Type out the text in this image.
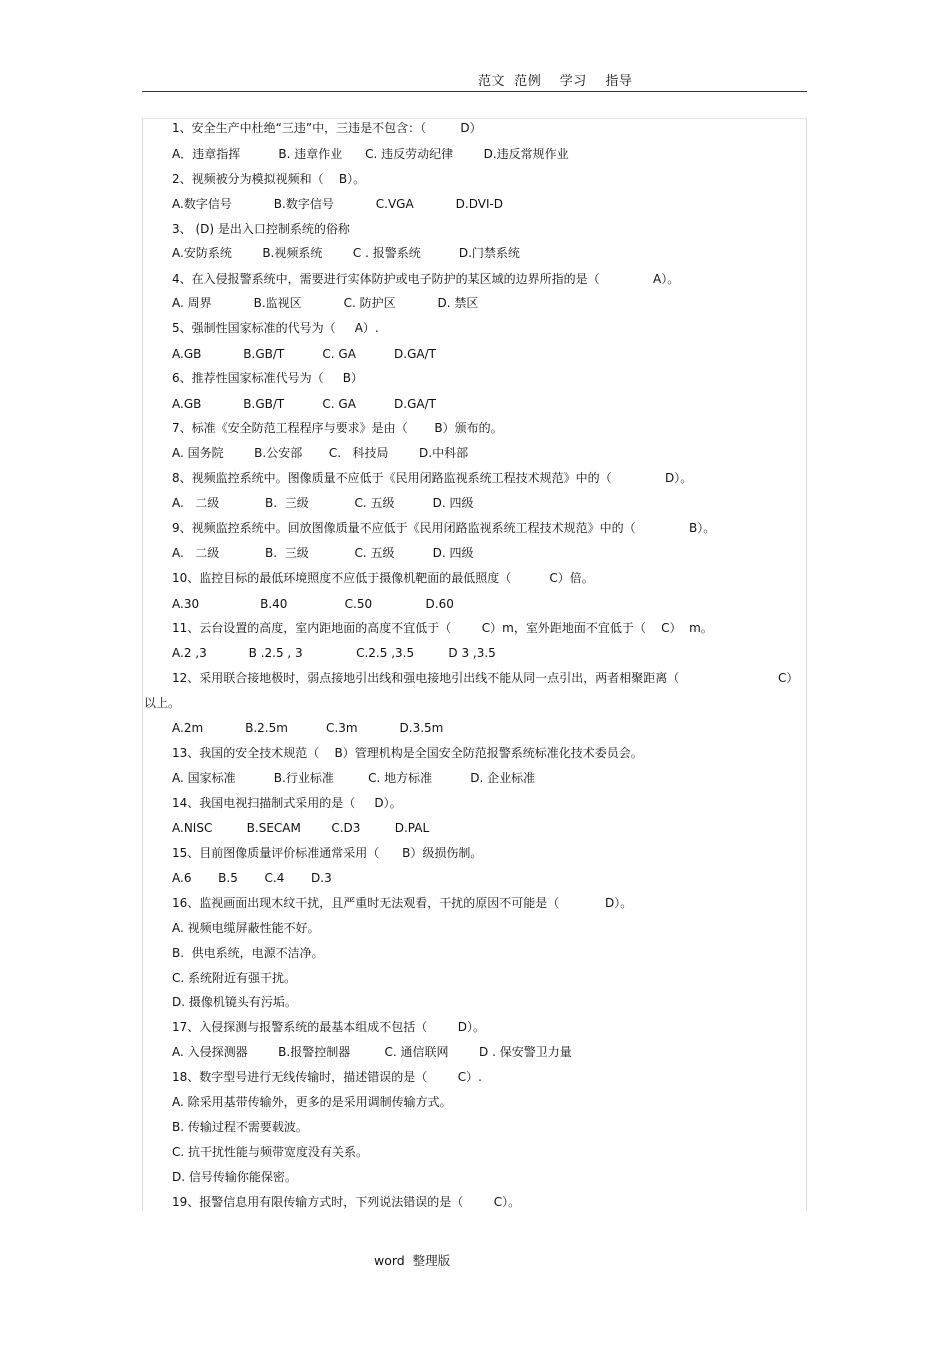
范文  范例    学习    指导
1、安全生产中杜绝“三违”中，三违是不包含：（         D）
A．违章指挥          B. 违章作业      C. 违反劳动纪律        D.违反常规作业
2、视频被分为模拟视频和（    B）。
A.数字信号           B.数字信号           C.VGA           D.DVI-D
3、 (D) 是出入口控制系统的俗称
A.安防系统        B.视频系统        C . 报警系统          D.门禁系统
4、在入侵报警系统中，需要进行实体防护或电子防护的某区域的边界所指的是（              A）。
A. 周界           B.监视区           C. 防护区           D. 禁区
5、强制性国家标准的代号为（     A）.
A.GB           B.GB/T          C. GA          D.GA/T
6、推荐性国家标准代号为（     B）
A.GB           B.GB/T          C. GA          D.GA/T
7、标准《安全防范工程程序与要求》是由（       B）颁布的。
A. 国务院        B.公安部       C.   科技局        D.中科部
8、视频监控系统中。图像质量不应低于《民用闭路监视系统工程技术规范》中的（              D）。
A.   二级            B.  三级            C. 五级          D. 四级
9、视频监控系统中。回放图像质量不应低于《民用闭路监视系统工程技术规范》中的（              B）。
A.   二级            B.  三级            C. 五级          D. 四级
10、监控目标的最低环境照度不应低于摄像机靶面的最低照度（          C）倍。
A.30                B.40               C.50              D.60
11、云台设置的高度，室内距地面的高度不宜低于（        C）m，室外距地面不宜低于（    C）  m。
A.2 ,3           B .2.5 , 3              C.2.5 ,3.5         D 3 ,3.5
12、采用联合接地极时，弱点接地引出线和强电接地引出线不能从同一点引出，两者相聚距离（	C）
以上。
A.2m           B.2.5m          C.3m           D.3.5m
13、我国的安全技术规范（    B）管理机构是全国安全防范报警系统标准化技术委员会。
A. 国家标准          B.行业标准         C. 地方标准          D. 企业标准
14、我国电视扫描制式采用的是（     D）。
A.NISC         B.SECAM        C.D3         D.PAL
15、目前图像质量评价标准通常采用（      B）级损伤制。
A.6       B.5       C.4       D.3
16、监视画面出现木纹干扰，且严重时无法观看，干扰的原因不可能是（            D）。
A. 视频电缆屏蔽性能不好。
B.  供电系统，电源不洁净。
C. 系统附近有强干扰。
D. 摄像机镜头有污垢。
17、入侵探测与报警系统的最基本组成不包括（        D）。
A. 入侵探测器        B.报警控制器         C. 通信联网        D . 保安警卫力量
18、数字型号进行无线传输时，描述错误的是（        C）.
A. 除采用基带传输外，更多的是采用调制传输方式。
B. 传输过程不需要载波。
C. 抗干扰性能与频带宽度没有关系。
D. 信号传输你能保密。
19、报警信息用有限传输方式时，下列说法错误的是（        C）。
word  整理版
